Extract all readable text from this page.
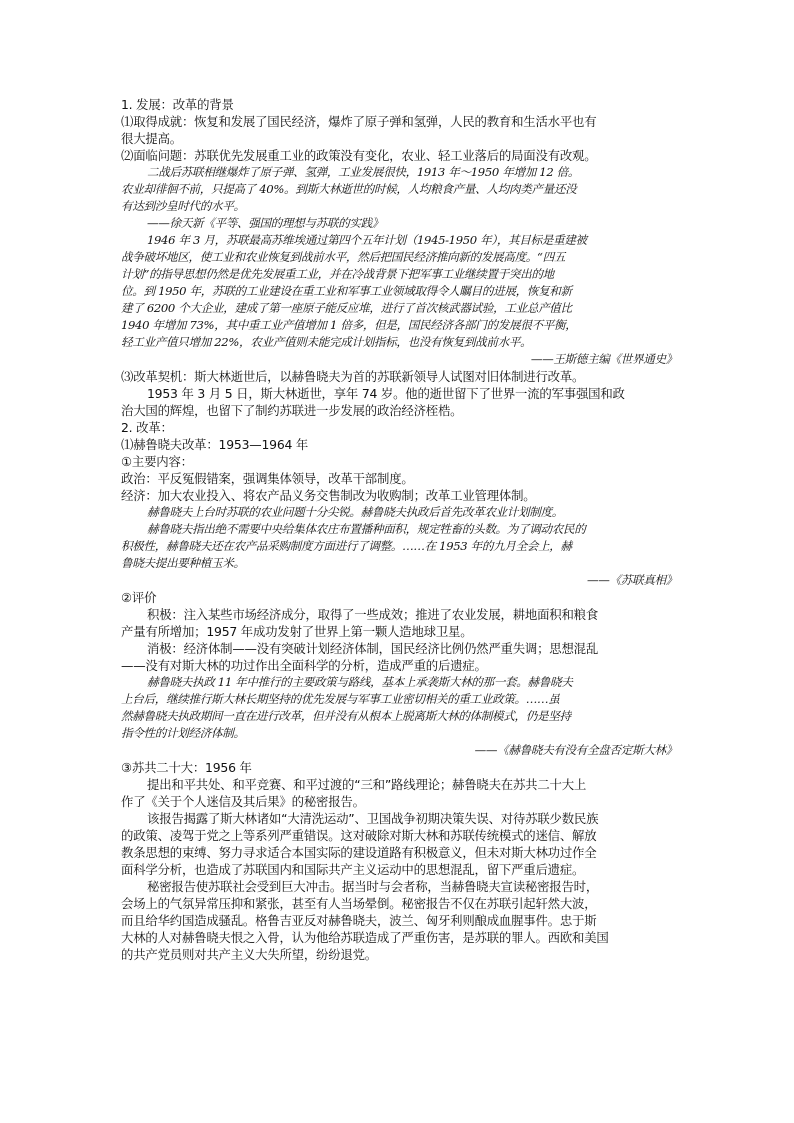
1. 发展：改革的背景
⑴取得成就：恢复和发展了国民经济，爆炸了原子弹和氢弹，人民的教育和生活水平也有
很大提高。
⑵面临问题：苏联优先发展重工业的政策没有变化，农业、轻工业落后的局面没有改观。
二战后苏联相继爆炸了原子弹、氢弹，工业发展很快，1913 年～1950 年增加 12 倍。
农业却徘徊不前，只提高了 40%。到斯大林逝世的时候，人均粮食产量、人均肉类产量还没
有达到沙皇时代的水平。
——徐天新《平等、强国的理想与苏联的实践》
1946 年 3 月，苏联最高苏维埃通过第四个五年计划（1945-1950 年），其目标是重建被
战争破坏地区，使工业和农业恢复到战前水平，然后把国民经济推向新的发展高度。“四五
计划”的指导思想仍然是优先发展重工业，并在冷战背景下把军事工业继续置于突出的地
位。到 1950 年，苏联的工业建设在重工业和军事工业领域取得令人瞩目的进展，恢复和新
建了 6200 个大企业，建成了第一座原子能反应堆，进行了首次核武器试验，工业总产值比
1940 年增加 73%，其中重工业产值增加 1 倍多，但是，国民经济各部门的发展很不平衡，
轻工业产值只增加 22%，农业产值则未能完成计划指标，也没有恢复到战前水平。
——王斯德主编《世界通史》
⑶改革契机：斯大林逝世后，以赫鲁晓夫为首的苏联新领导人试图对旧体制进行改革。
1953 年 3 月 5 日，斯大林逝世，享年 74 岁。他的逝世留下了世界一流的军事强国和政
治大国的辉煌，也留下了制约苏联进一步发展的政治经济桎梏。
2. 改革：
⑴赫鲁晓夫改革：1953—1964 年
①主要内容：
政治：平反冤假错案，强调集体领导，改革干部制度。
经济：加大农业投入、将农产品义务交售制改为收购制；改革工业管理体制。
赫鲁晓夫上台时苏联的农业问题十分尖锐。赫鲁晓夫执政后首先改革农业计划制度。
赫鲁晓夫指出绝不需要中央给集体农庄布置播种面积，规定牲畜的头数。为了调动农民的
积极性，赫鲁晓夫还在农产品采购制度方面进行了调整。……在 1953 年的九月全会上，赫
鲁晓夫提出要种植玉米。
——《苏联真相》
②评价
积极：注入某些市场经济成分，取得了一些成效；推进了农业发展，耕地面积和粮食
产量有所增加；1957 年成功发射了世界上第一颗人造地球卫星。
消极：经济体制——没有突破计划经济体制，国民经济比例仍然严重失调；思想混乱
——没有对斯大林的功过作出全面科学的分析，造成严重的后遗症。
赫鲁晓夫执政 11 年中推行的主要政策与路线，基本上承袭斯大林的那一套。赫鲁晓夫
上台后，继续推行斯大林长期坚持的优先发展与军事工业密切相关的重工业政策。……虽
然赫鲁晓夫执政期间一直在进行改革，但并没有从根本上脱离斯大林的体制模式，仍是坚持
指令性的计划经济体制。
——《赫鲁晓夫有没有全盘否定斯大林》
③苏共二十大：1956 年
提出和平共处、和平竞赛、和平过渡的“三和”路线理论；赫鲁晓夫在苏共二十大上
作了《关于个人迷信及其后果》的秘密报告。
该报告揭露了斯大林诸如“大清洗运动”、卫国战争初期决策失误、对待苏联少数民族
的政策、凌驾于党之上等系列严重错误。这对破除对斯大林和苏联传统模式的迷信、解放
教条思想的束缚、努力寻求适合本国实际的建设道路有积极意义，但未对斯大林功过作全
面科学分析，也造成了苏联国内和国际共产主义运动中的思想混乱，留下严重后遗症。
秘密报告使苏联社会受到巨大冲击。据当时与会者称，当赫鲁晓夫宣读秘密报告时，
会场上的气氛异常压抑和紧张，甚至有人当场晕倒。秘密报告不仅在苏联引起轩然大波，
而且给华约国造成骚乱。格鲁吉亚反对赫鲁晓夫，波兰、匈牙利则酿成血腥事件。忠于斯
大林的人对赫鲁晓夫恨之入骨，认为他给苏联造成了严重伤害，是苏联的罪人。西欧和美国
的共产党员则对共产主义大失所望，纷纷退党。
